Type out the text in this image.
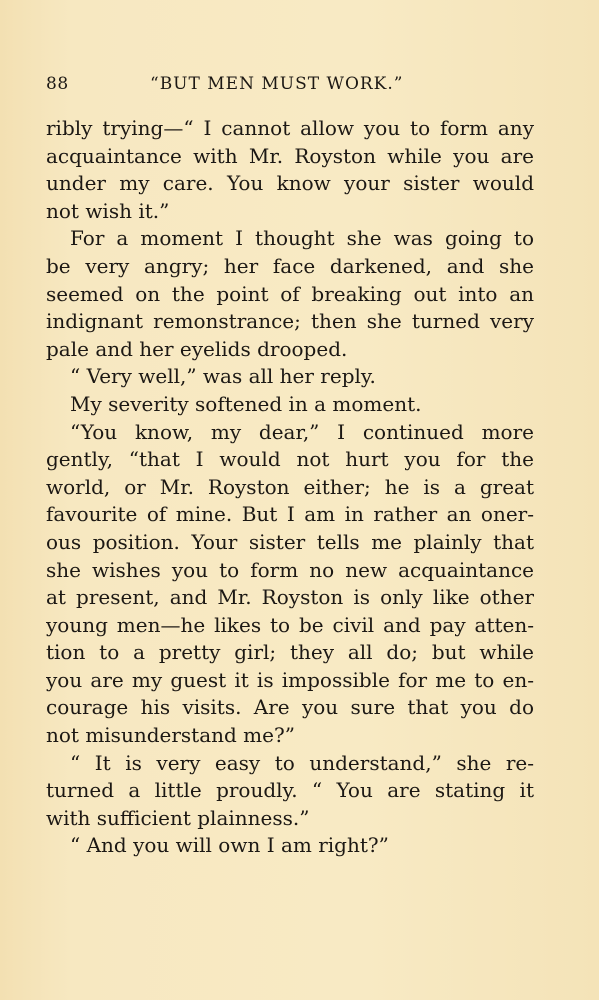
88	“BUT MEN MUST WORK.”
ribly trying—“ I cannot allow you to form any
acquaintance with Mr. Royston while you are
under my care. You know your sister would
not wish it.”
For a moment I thought she was going to
be very angry; her face darkened, and she
seemed on the point of breaking out into an
indignant remonstrance; then she turned very
pale and her eyelids drooped.
“ Very well,” was all her reply.
My severity softened in a moment.
“You know, my dear,” I continued more
gently, “that I would not hurt you for the
world, or Mr. Royston either; he is a great
favourite of mine. But I am in rather an oner-
ous position. Your sister tells me plainly that
she wishes you to form no new acquaintance
at present, and Mr. Royston is only like other
young men—he likes to be civil and pay atten-
tion to a pretty girl; they all do; but while
you are my guest it is impossible for me to en-
courage his visits. Are you sure that you do
not misunderstand me?”
“ It is very easy to understand,” she re-
turned a little proudly. “ You are stating it
with sufficient plainness.”
“ And you will own I am right?”
